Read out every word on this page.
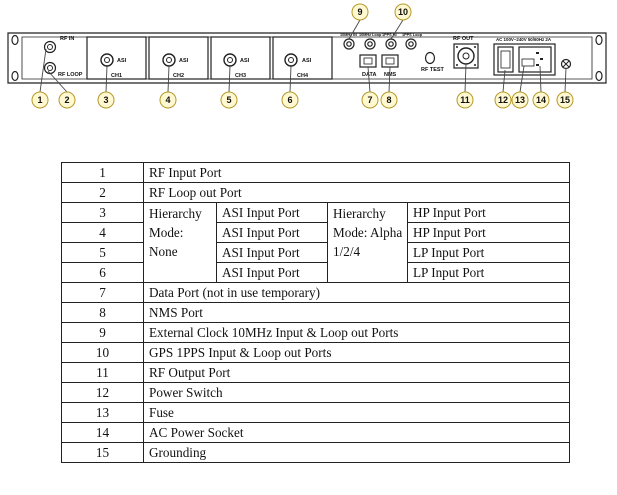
RF IN
RF LOOP
ASI
CH1
ASI
CH2
ASI
CH3
ASI
CH4
10MHz IN 10MHz Loop 1PPS IN 1PPS Loop
DATA NMS
RF TEST
RF OUT	AC 100V~240V 50/60Hz 2A
1 2	3	4	5	6	7 8
9	10
11	12 13 14 15
1	RF Input Port			
2	RF Loop out Port			
3	Hierarchy Mode: None	ASI Input Port	Hierarchy Mode: Alpha 1/2/4	HP Input Port
4		ASI Input Port		HP Input Port
5		ASI Input Port		LP Input Port
6		ASI Input Port		LP Input Port
7	Data Port (not in use temporary)			
8	NMS Port			
9	External Clock 10MHz Input & Loop out Ports			
10	GPS 1PPS Input & Loop out Ports			
11	RF Output Port			
12	Power Switch			
13	Fuse			
14	AC Power Socket			
15	Grounding			
